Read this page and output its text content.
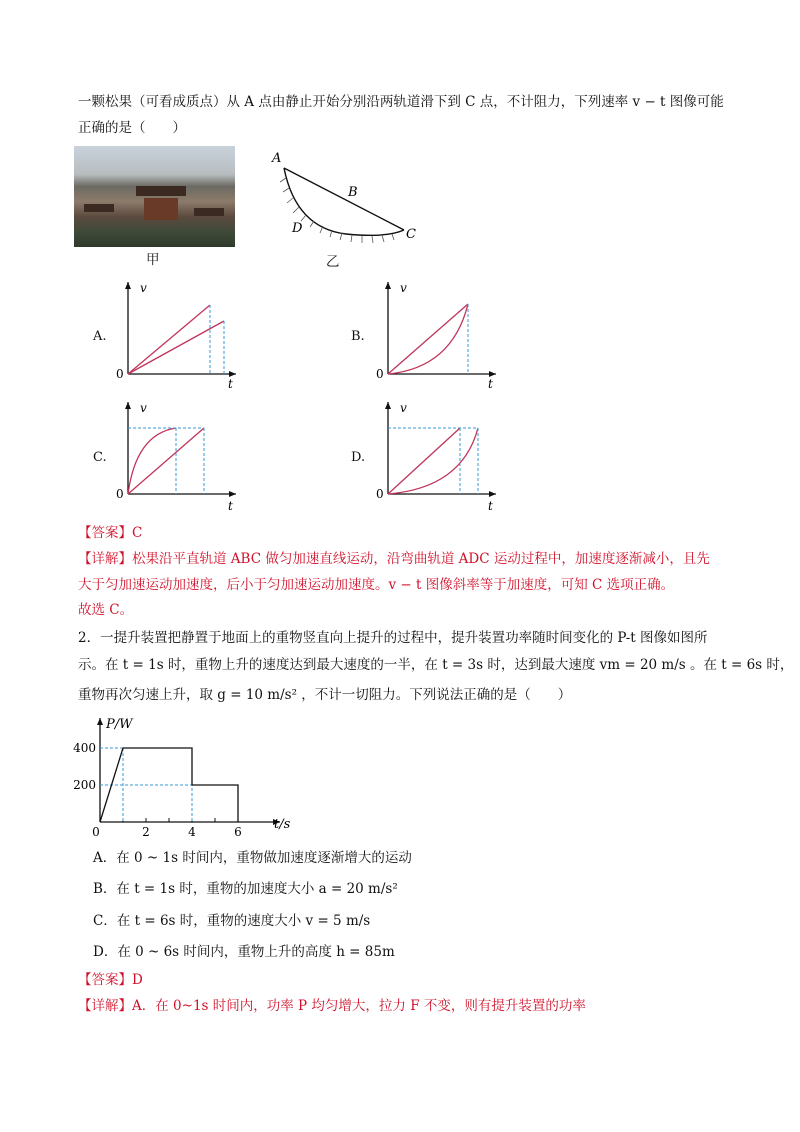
一颗松果（可看成质点）从 A 点由静止开始分别沿两轨道滑下到 C 点，不计阻力，下列速率 v − t 图像可能
正确的是（　　）
甲
A
B
C
D
乙
A.
v
t
0
B.
v
t
0
C.
v
t
0
D.
v
t
0
【答案】C
【详解】松果沿平直轨道 ABC 做匀加速直线运动，沿弯曲轨道 ADC 运动过程中，加速度逐渐减小，且先
大于匀加速运动加速度，后小于匀加速运动加速度。v − t 图像斜率等于加速度，可知 C 选项正确。
故选 C。
2．一提升装置把静置于地面上的重物竖直向上提升的过程中，提升装置功率随时间变化的 P-t 图像如图所
示。在 t = 1s 时，重物上升的速度达到最大速度的一半，在 t = 3s 时，达到最大速度 vm = 20 m/s 。在 t = 6s 时，
重物再次匀速上升，取 g = 10 m/s² ，不计一切阻力。下列说法正确的是（　　）
P/W
t/s
0	2	4	6
200
400
A．在 0 ~ 1s 时间内，重物做加速度逐渐增大的运动
B．在 t = 1s 时，重物的加速度大小 a = 20 m/s²
C．在 t = 6s 时，重物的速度大小 v = 5 m/s
D．在 0 ~ 6s 时间内，重物上升的高度 h = 85m
【答案】D
【详解】A．在 0~1s 时间内，功率 P 均匀增大，拉力 F 不变，则有提升装置的功率
